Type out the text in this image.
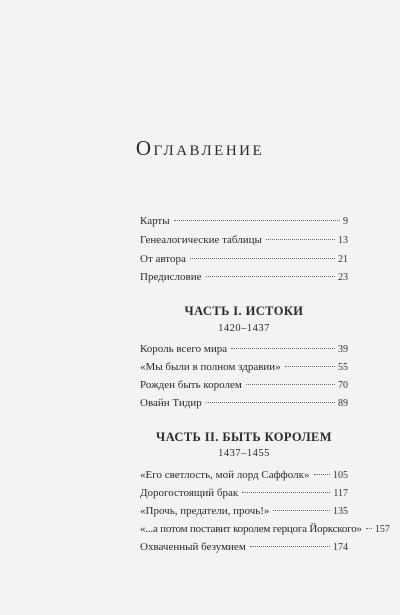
Оглавление
Карты	9
Генеалогические таблицы	13
От автора	21
Предисловие	23
ЧАСТЬ I. ИСТОКИ
1420–1437
Король всего мира	39
«Мы были в полном здравии»	55
Рожден быть королем	70
Овайн Тидир	89
ЧАСТЬ II. БЫТЬ КОРОЛЕМ
1437–1455
«Его светлость, мой лорд Саффолк» 105
Дорогостоящий брак	117
«Прочь, предатели, прочь!»	135
«...а потом поставит королем герцога Йоркского» 157
Охваченный безумием	174
